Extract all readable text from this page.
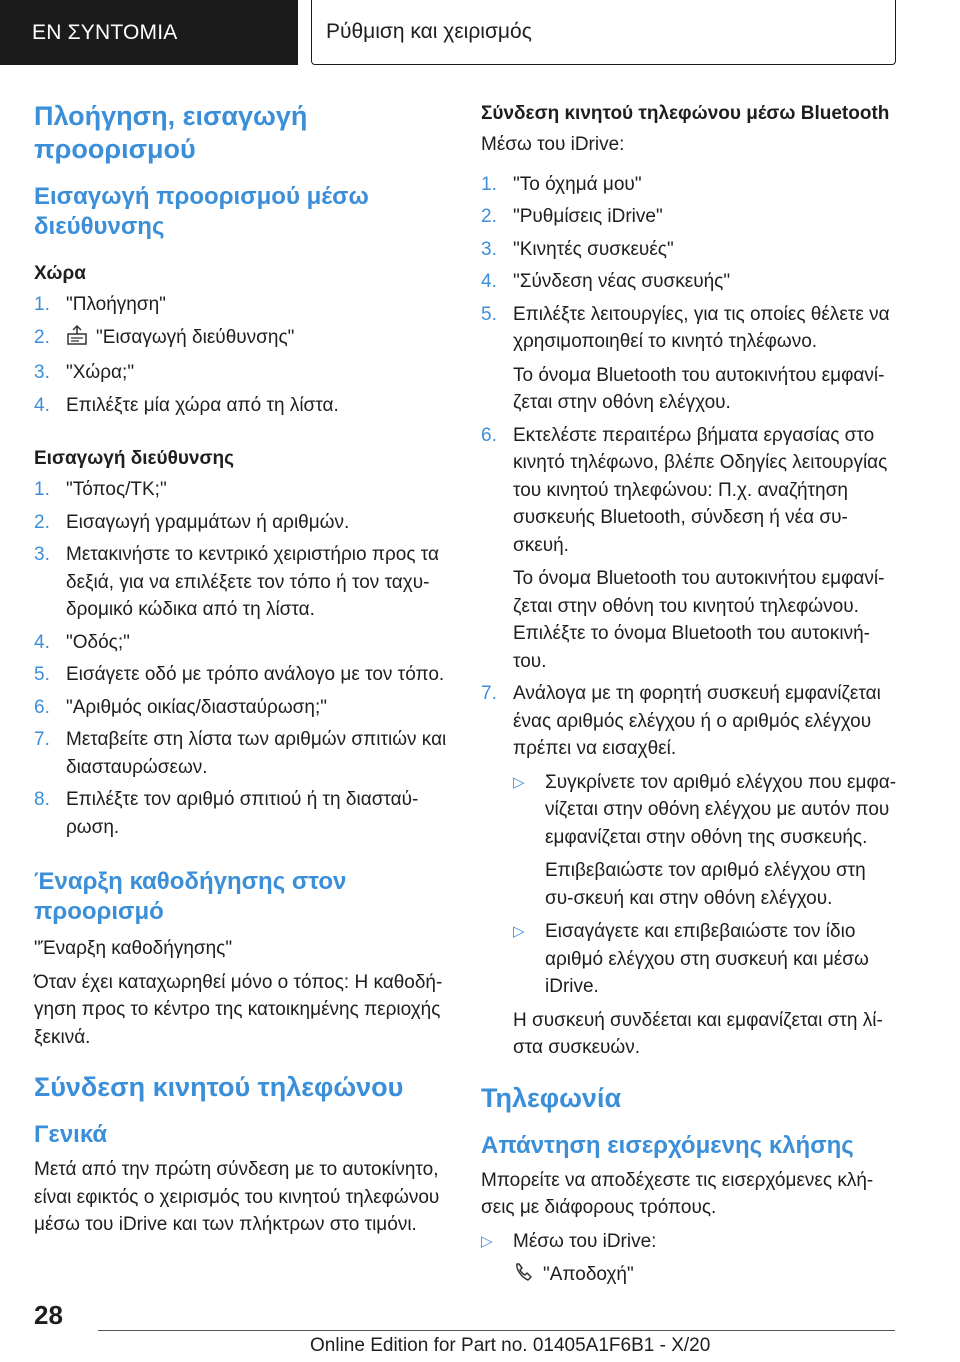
ΕΝ ΣΥΝΤΟΜΙΑ	Ρύθμιση και χειρισμός
Πλοήγηση, εισαγωγή προορισμού
Εισαγωγή προορισμού μέσω διεύθυνσης
Χώρα
1. "Πλοήγηση"
2. "Εισαγωγή διεύθυνσης"
3. "Χώρα;"
4. Επιλέξτε μία χώρα από τη λίστα.
Εισαγωγή διεύθυνσης
1. "Τόπος/ΤΚ;"
2. Εισαγωγή γραμμάτων ή αριθμών.
3. Μετακινήστε το κεντρικό χειριστήριο προς τα δεξιά, για να επιλέξετε τον τόπο ή τον ταχυ-δρομικό κώδικα από τη λίστα.
4. "Οδός;"
5. Εισάγετε οδό με τρόπο ανάλογο με τον τόπο.
6. "Αριθμός οικίας/διασταύρωση;"
7. Μεταβείτε στη λίστα των αριθμών σπιτιών και διασταυρώσεων.
8. Επιλέξτε τον αριθμό σπιτιού ή τη διασταύ-ρωση.
Έναρξη καθοδήγησης στον προορισμό
"Έναρξη καθοδήγησης"
Όταν έχει καταχωρηθεί μόνο ο τόπος: Η καθοδή-γηση προς το κέντρο της κατοικημένης περιοχής ξεκινά.
Σύνδεση κινητού τηλεφώνου
Γενικά
Μετά από την πρώτη σύνδεση με το αυτοκίνητο, είναι εφικτός ο χειρισμός του κινητού τηλεφώνου μέσω του iDrive και των πλήκτρων στο τιμόνι.
Σύνδεση κινητού τηλεφώνου μέσω Bluetooth
Μέσω του iDrive:
1. "Το όχημά μου"
2. "Ρυθμίσεις iDrive"
3. "Κινητές συσκευές"
4. "Σύνδεση νέας συσκευής"
5. Επιλέξτε λειτουργίες, για τις οποίες θέλετε να χρησιμοποιηθεί το κινητό τηλέφωνο.
Το όνομα Bluetooth του αυτοκινήτου εμφανί-ζεται στην οθόνη ελέγχου.
6. Εκτελέστε περαιτέρω βήματα εργασίας στο κινητό τηλέφωνο, βλέπε Οδηγίες λειτουργίας του κινητού τηλεφώνου: Π.χ. αναζήτηση συσκευής Bluetooth, σύνδεση ή νέα συ-σκευή.
Το όνομα Bluetooth του αυτοκινήτου εμφανί-ζεται στην οθόνη του κινητού τηλεφώνου. Επιλέξτε το όνομα Bluetooth του αυτοκινή-του.
7. Ανάλογα με τη φορητή συσκευή εμφανίζεται ένας αριθμός ελέγχου ή ο αριθμός ελέγχου πρέπει να εισαχθεί.
▷ Συγκρίνετε τον αριθμό ελέγχου που εμφα-νίζεται στην οθόνη ελέγχου με αυτόν που εμφανίζεται στην οθόνη της συσκευής.
Επιβεβαιώστε τον αριθμό ελέγχου στη συ-σκευή και στην οθόνη ελέγχου.
▷ Εισαγάγετε και επιβεβαιώστε τον ίδιο αριθμό ελέγχου στη συσκευή και μέσω iDrive.
Η συσκευή συνδέεται και εμφανίζεται στη λί-στα συσκευών.
Τηλεφωνία
Απάντηση εισερχόμενης κλήσης
Μπορείτε να αποδέχεστε τις εισερχόμενες κλή-σεις με διάφορους τρόπους.
▷ Μέσω του iDrive:
"Αποδοχή"
28
Online Edition for Part no. 01405A1F6B1 - X/20
